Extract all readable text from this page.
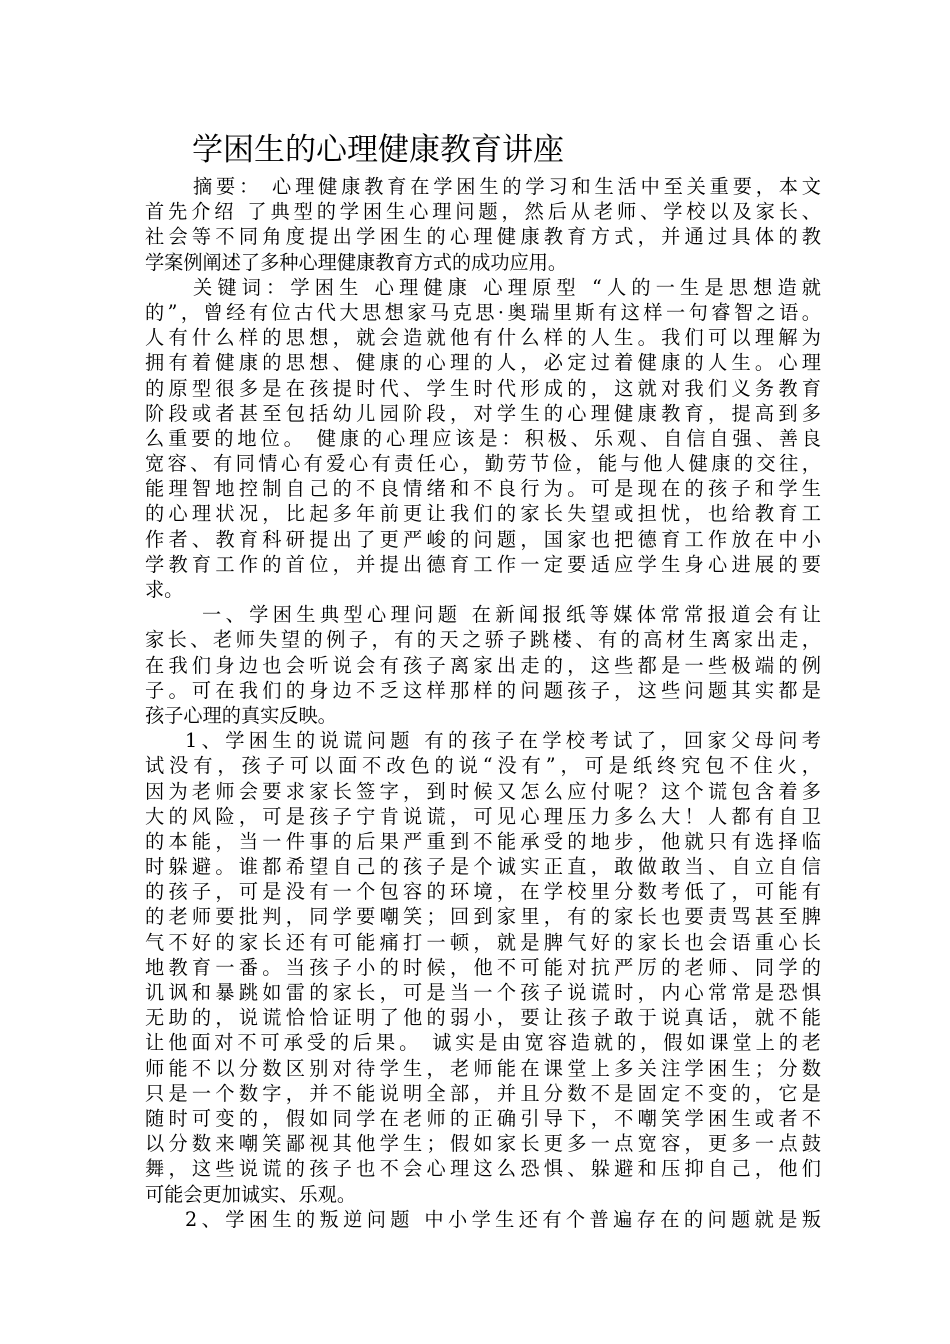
学困生的心理健康教育讲座
摘要： 心理健康教育在学困生的学习和生活中至关重要，本文
首先介绍 了典型的学困生心理问题，然后从老师、学校以及家长、
社会等不同角度提出学困生的心理健康教育方式，并通过具体的教
学案例阐述了多种心理健康教育方式的成功应用。
关键词：学困生 心理健康 心理原型 “人的一生是思想造就
的”，曾经有位古代大思想家马克思·奥瑞里斯有这样一句睿智之语。
人有什么样的思想，就会造就他有什么样的人生。我们可以理解为
拥有着健康的思想、健康的心理的人，必定过着健康的人生。心理
的原型很多是在孩提时代、学生时代形成的，这就对我们义务教育
阶段或者甚至包括幼儿园阶段，对学生的心理健康教育，提高到多
么重要的地位。 健康的心理应该是：积极、乐观、自信自强、善良
宽容、有同情心有爱心有责任心，勤劳节俭，能与他人健康的交往，
能理智地控制自己的不良情绪和不良行为。可是现在的孩子和学生
的心理状况，比起多年前更让我们的家长失望或担忧，也给教育工
作者、教育科研提出了更严峻的问题，国家也把德育工作放在中小
学教育工作的首位，并提出德育工作一定要适应学生身心进展的要
求。
一、学困生典型心理问题 在新闻报纸等媒体常常报道会有让
家长、老师失望的例子，有的天之骄子跳楼、有的高材生离家出走，
在我们身边也会听说会有孩子离家出走的，这些都是一些极端的例
子。可在我们的身边不乏这样那样的问题孩子，这些问题其实都是
孩子心理的真实反映。
1、学困生的说谎问题 有的孩子在学校考试了，回家父母问考
试没有，孩子可以面不改色的说“没有”，可是纸终究包不住火，
因为老师会要求家长签字，到时候又怎么应付呢？这个谎包含着多
大的风险，可是孩子宁肯说谎，可见心理压力多么大！人都有自卫
的本能，当一件事的后果严重到不能承受的地步，他就只有选择临
时躲避。谁都希望自己的孩子是个诚实正直，敢做敢当、自立自信
的孩子，可是没有一个包容的环境，在学校里分数考低了，可能有
的老师要批判，同学要嘲笑；回到家里，有的家长也要责骂甚至脾
气不好的家长还有可能痛打一顿，就是脾气好的家长也会语重心长
地教育一番。当孩子小的时候，他不可能对抗严厉的老师、同学的
讥讽和暴跳如雷的家长，可是当一个孩子说谎时，内心常常是恐惧
无助的，说谎恰恰证明了他的弱小，要让孩子敢于说真话，就不能
让他面对不可承受的后果。 诚实是由宽容造就的，假如课堂上的老
师能不以分数区别对待学生，老师能在课堂上多关注学困生；分数
只是一个数字，并不能说明全部，并且分数不是固定不变的，它是
随时可变的，假如同学在老师的正确引导下，不嘲笑学困生或者不
以分数来嘲笑鄙视其他学生；假如家长更多一点宽容，更多一点鼓
舞，这些说谎的孩子也不会心理这么恐惧、躲避和压抑自己，他们
可能会更加诚实、乐观。
2、学困生的叛逆问题 中小学生还有个普遍存在的问题就是叛
